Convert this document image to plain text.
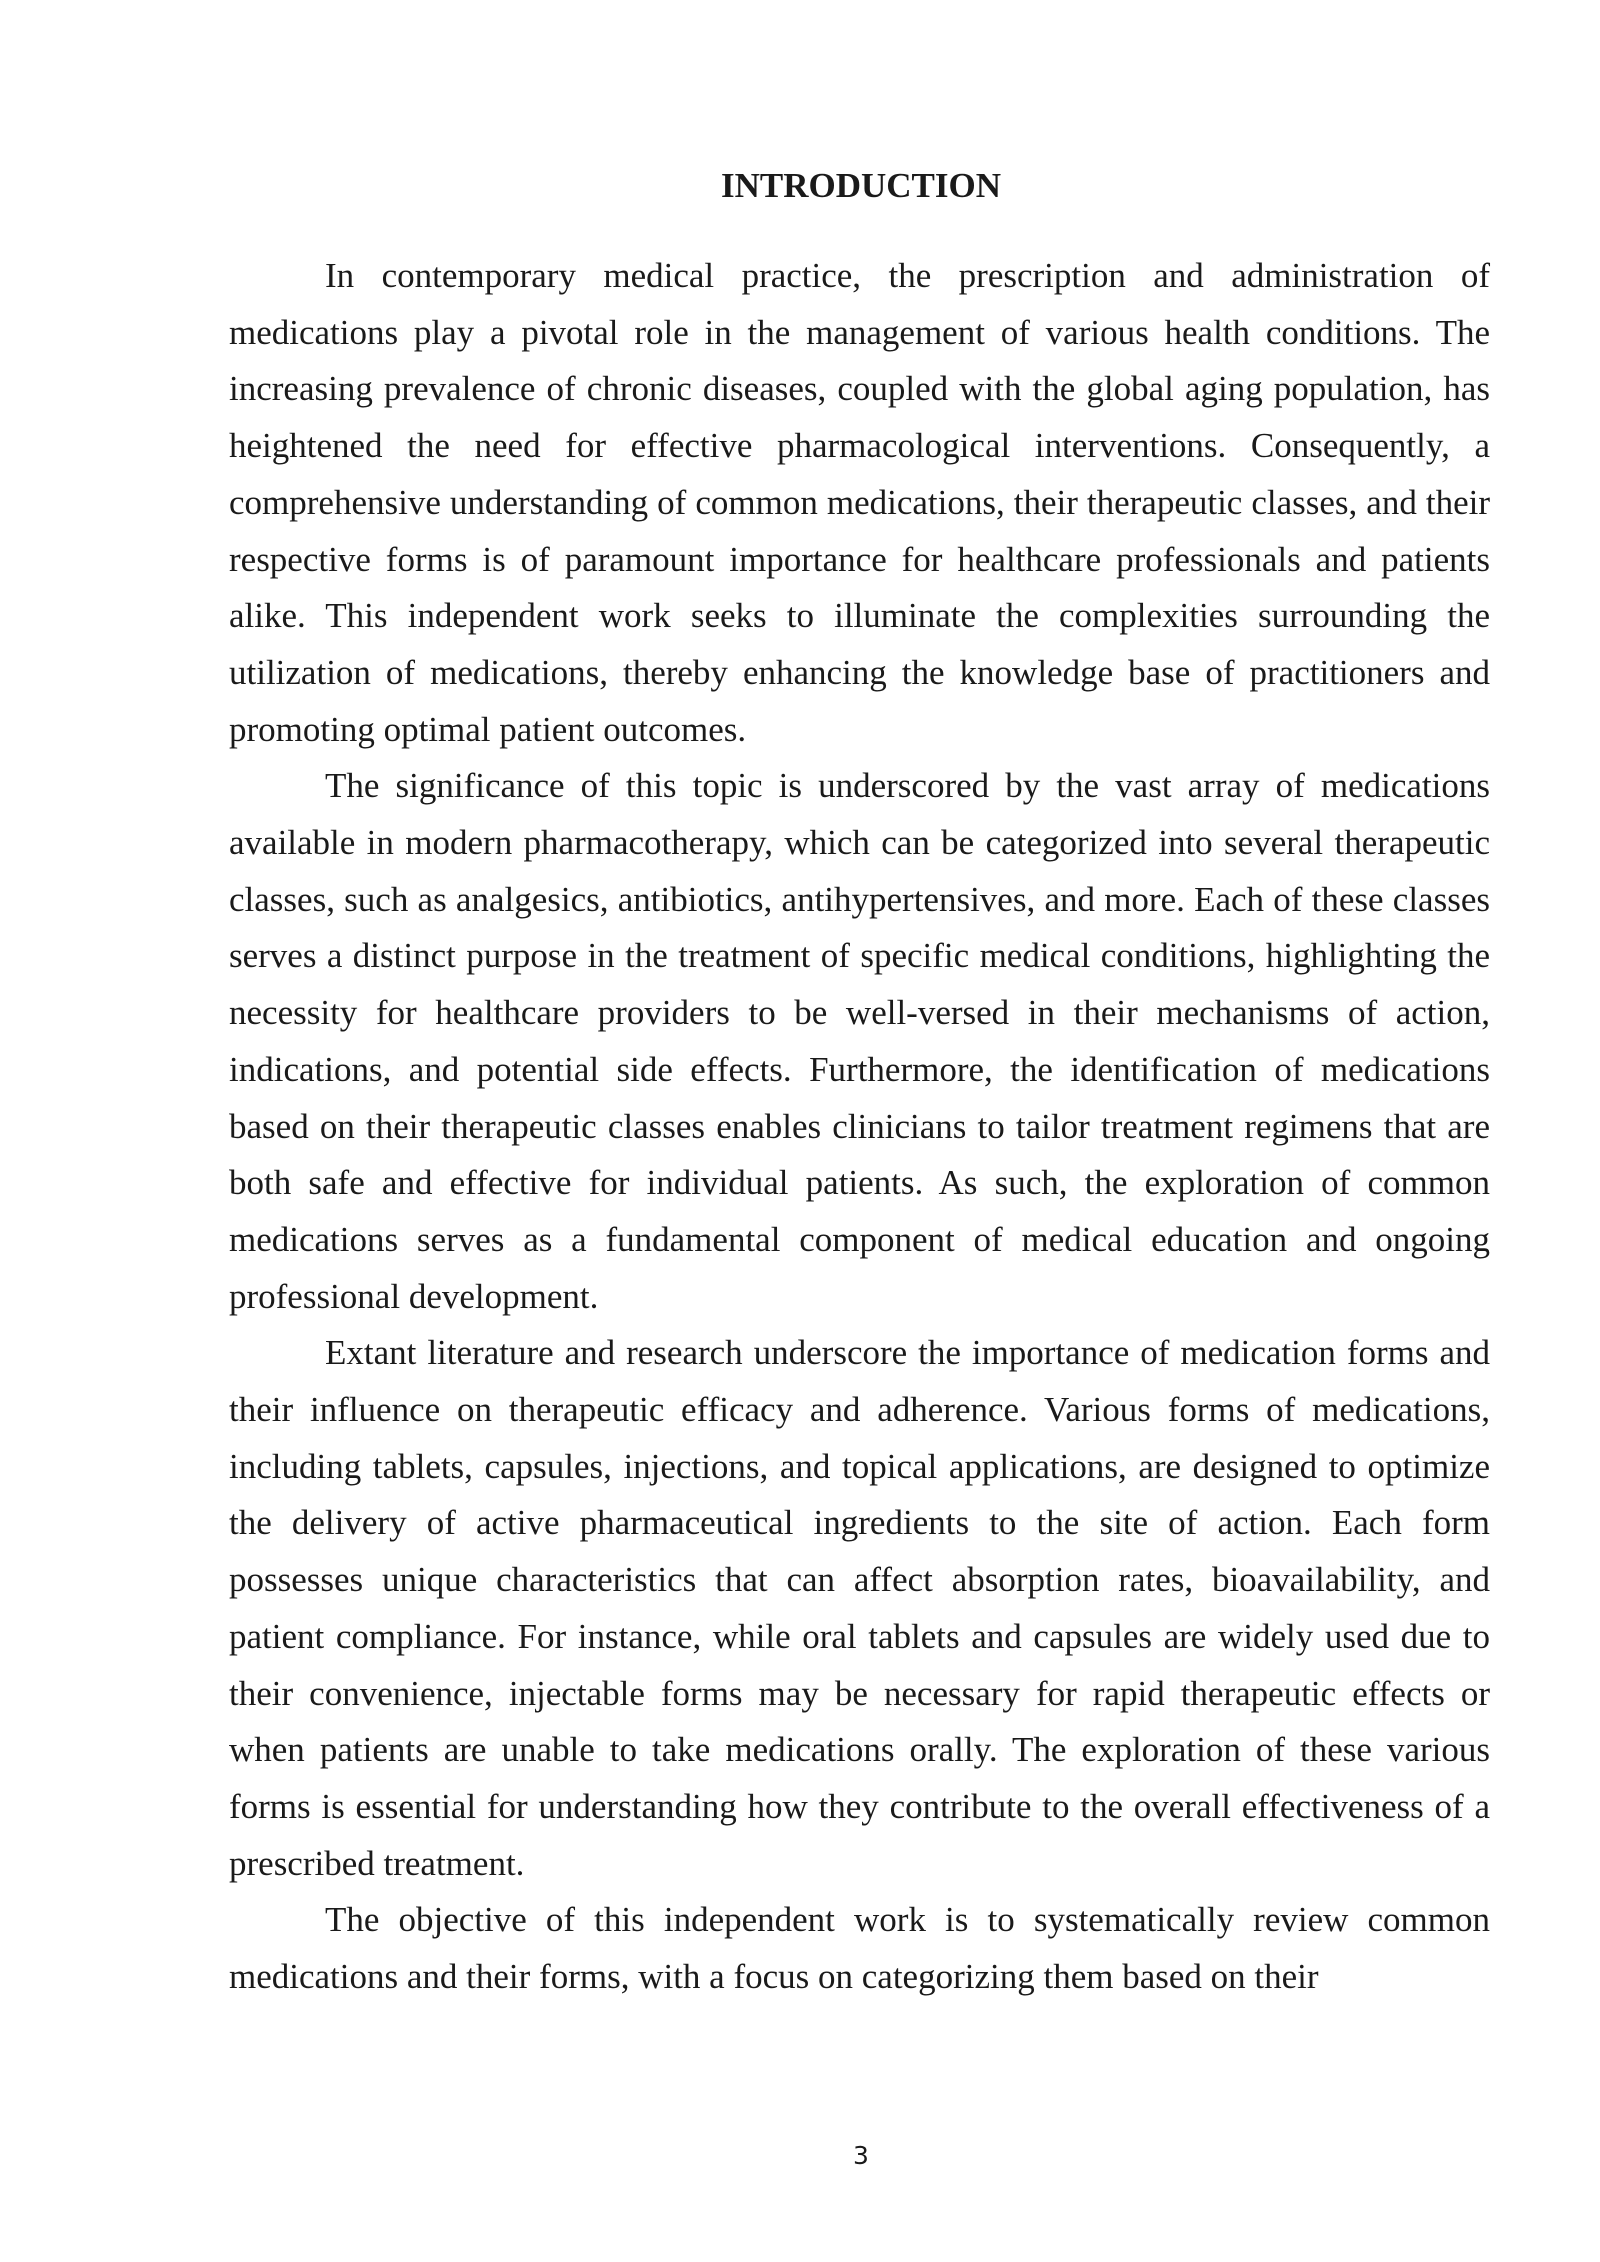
INTRODUCTION

In contemporary medical practice, the prescription and administration of medications play a pivotal role in the management of various health conditions. The increasing prevalence of chronic diseases, coupled with the global aging population, has heightened the need for effective pharmacological interventions. Consequently, a comprehensive understanding of common medications, their therapeutic classes, and their respective forms is of paramount importance for healthcare professionals and patients alike. This independent work seeks to illuminate the complexities surrounding the utilization of medications, thereby enhancing the knowledge base of practitioners and promoting optimal patient outcomes.

The significance of this topic is underscored by the vast array of medications available in modern pharmacotherapy, which can be categorized into several therapeutic classes, such as analgesics, antibiotics, antihypertensives, and more. Each of these classes serves a distinct purpose in the treatment of specific medical conditions, highlighting the necessity for healthcare providers to be well-versed in their mechanisms of action, indications, and potential side effects. Furthermore, the identification of medications based on their therapeutic classes enables clinicians to tailor treatment regimens that are both safe and effective for individual patients. As such, the exploration of common medications serves as a fundamental component of medical education and ongoing professional development.

Extant literature and research underscore the importance of medication forms and their influence on therapeutic efficacy and adherence. Various forms of medications, including tablets, capsules, injections, and topical applications, are designed to optimize the delivery of active pharmaceutical ingredients to the site of action. Each form possesses unique characteristics that can affect absorption rates, bioavailability, and patient compliance. For instance, while oral tablets and capsules are widely used due to their convenience, injectable forms may be necessary for rapid therapeutic effects or when patients are unable to take medications orally. The exploration of these various forms is essential for understanding how they contribute to the overall effectiveness of a prescribed treatment.

The objective of this independent work is to systematically review common medications and their forms, with a focus on categorizing them based on their

3
